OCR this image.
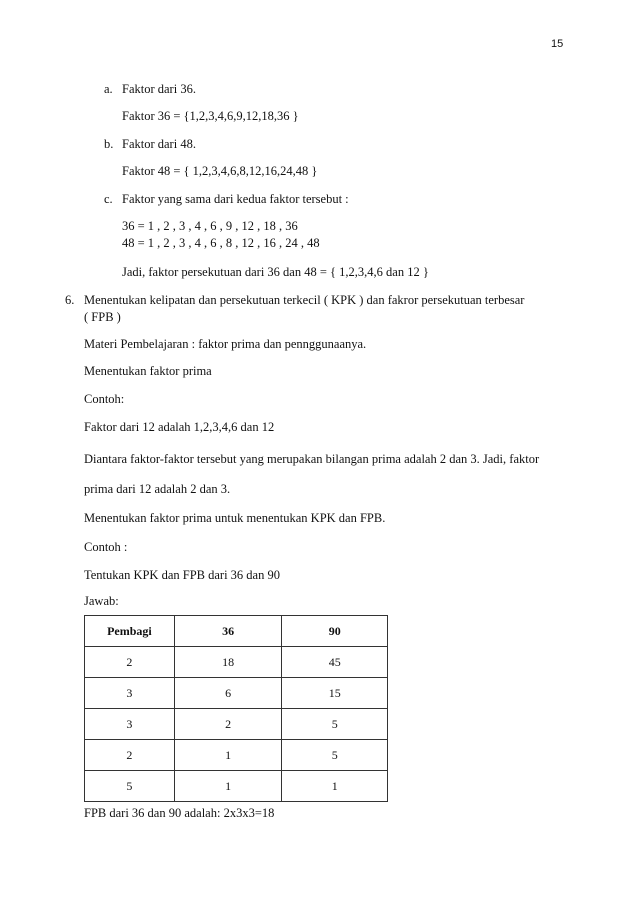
15
a. Faktor dari 36.
Faktor 36 = {1,2,3,4,6,9,12,18,36 }
b. Faktor dari 48.
Faktor 48 = { 1,2,3,4,6,8,12,16,24,48 }
c. Faktor yang sama dari kedua faktor tersebut :
36 = 1 , 2 , 3 , 4 , 6 , 9 , 12 , 18 , 36
48 = 1 , 2 , 3 , 4 , 6 , 8 , 12 , 16 , 24 , 48
Jadi, faktor persekutuan dari 36 dan 48 = { 1,2,3,4,6 dan 12 }
6. Menentukan kelipatan dan persekutuan terkecil ( KPK ) dan fakror persekutuan terbesar
( FPB )
Materi Pembelajaran : faktor prima dan pennggunaanya.
Menentukan faktor prima
Contoh:
Faktor dari 12 adalah 1,2,3,4,6 dan 12
Diantara faktor-faktor tersebut yang merupakan bilangan prima adalah 2 dan 3. Jadi, faktor
prima dari 12 adalah 2 dan 3.
Menentukan faktor prima untuk menentukan KPK dan FPB.
Contoh :
Tentukan KPK dan FPB dari 36 dan 90
Jawab:
Pembagi	36	90
2	18	45
3	6	15
3	2	5
2	1	5
5	1	1
FPB dari 36 dan 90 adalah: 2x3x3=18
